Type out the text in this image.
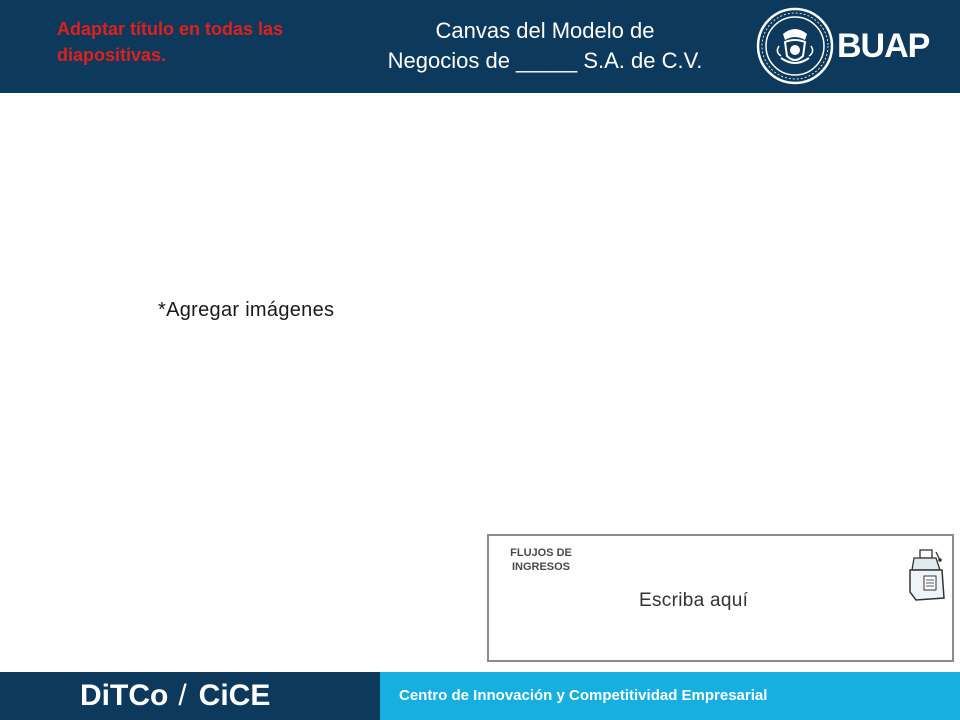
Adaptar título en todas las diapositivas.
Canvas del Modelo de
Negocios de _____ S.A. de C.V.	BUAP
*Agregar imágenes
FLUJOS DE
INGRESOS
Escriba aquí
DiTCo / CiCE	Centro de Innovación y Competitividad Empresarial
